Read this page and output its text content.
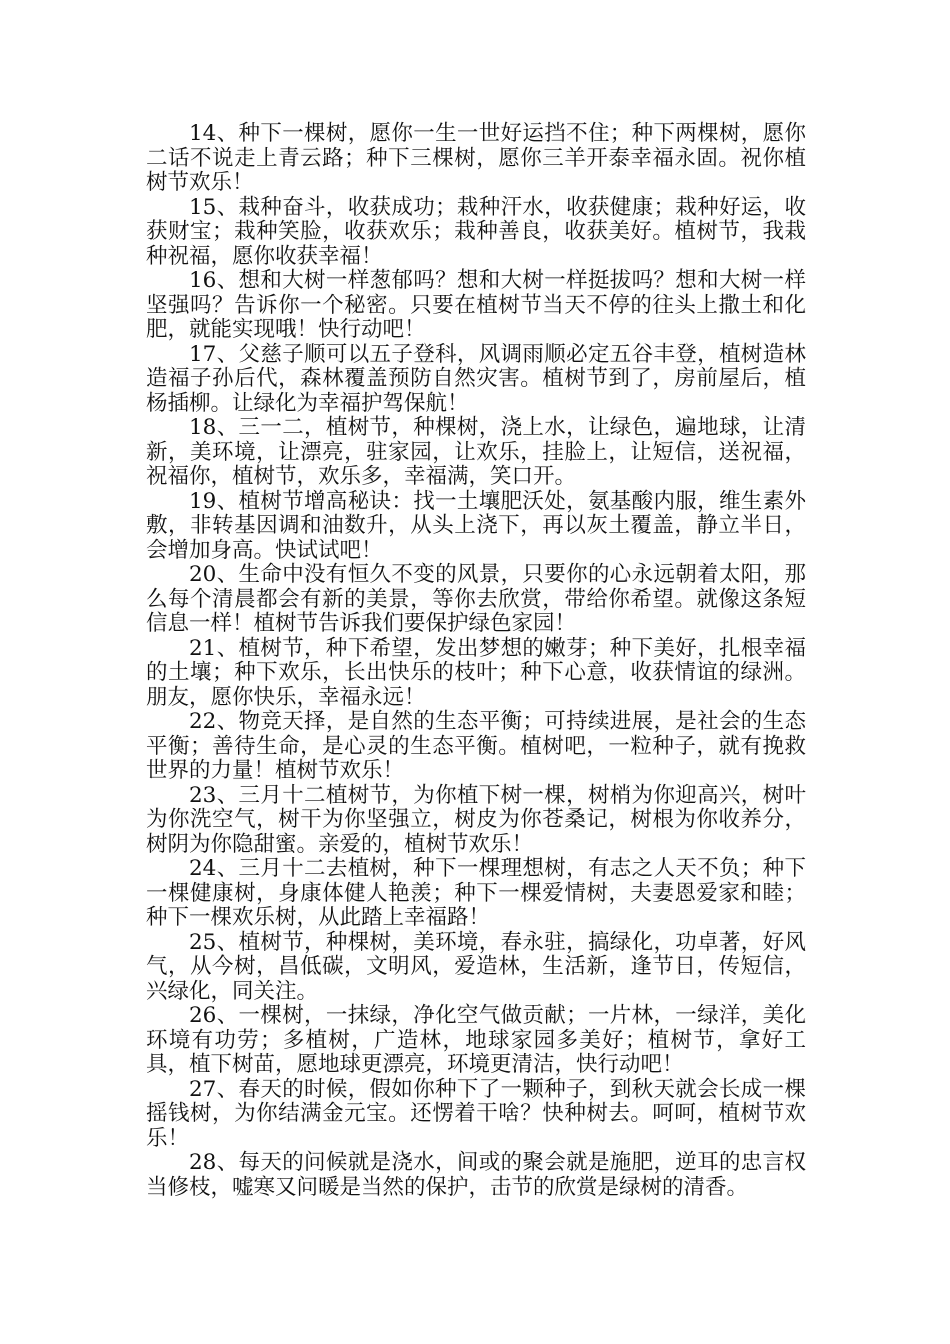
14、种下一棵树，愿你一生一世好运挡不住；种下两棵树，愿你二话不说走上青云路；种下三棵树，愿你三羊开泰幸福永固。祝你植树节欢乐！

15、栽种奋斗，收获成功；栽种汗水，收获健康；栽种好运，收获财宝；栽种笑脸，收获欢乐；栽种善良，收获美好。植树节，我栽种祝福，愿你收获幸福！

16、想和大树一样葱郁吗？想和大树一样挺拔吗？想和大树一样坚强吗？告诉你一个秘密。只要在植树节当天不停的往头上撒土和化肥，就能实现哦！快行动吧！

17、父慈子顺可以五子登科，风调雨顺必定五谷丰登，植树造林造福子孙后代，森林覆盖预防自然灾害。植树节到了，房前屋后，植杨插柳。让绿化为幸福护驾保航！

18、三一二，植树节，种棵树，浇上水，让绿色，遍地球，让清新，美环境，让漂亮，驻家园，让欢乐，挂脸上，让短信，送祝福，祝福你，植树节，欢乐多，幸福满，笑口开。

19、植树节增高秘诀：找一土壤肥沃处，氨基酸内服，维生素外敷，非转基因调和油数升，从头上浇下，再以灰土覆盖，静立半日，会增加身高。快试试吧！

20、生命中没有恒久不变的风景，只要你的心永远朝着太阳，那么每个清晨都会有新的美景，等你去欣赏，带给你希望。就像这条短信息一样！植树节告诉我们要保护绿色家园！

21、植树节，种下希望，发出梦想的嫩芽；种下美好，扎根幸福的土壤；种下欢乐，长出快乐的枝叶；种下心意，收获情谊的绿洲。朋友，愿你快乐，幸福永远！

22、物竞天择，是自然的生态平衡；可持续进展，是社会的生态平衡；善待生命，是心灵的生态平衡。植树吧，一粒种子，就有挽救世界的力量！植树节欢乐！

23、三月十二植树节，为你植下树一棵，树梢为你迎高兴，树叶为你洗空气，树干为你坚强立，树皮为你苍桑记，树根为你收养分，树阴为你隐甜蜜。亲爱的，植树节欢乐！

24、三月十二去植树，种下一棵理想树，有志之人天不负；种下一棵健康树，身康体健人艳羡；种下一棵爱情树，夫妻恩爱家和睦；种下一棵欢乐树，从此踏上幸福路！

25、植树节，种棵树，美环境，春永驻，搞绿化，功卓著，好风气，从今树，昌低碳，文明风，爱造林，生活新，逢节日，传短信，兴绿化，同关注。

26、一棵树，一抹绿，净化空气做贡献；一片林，一绿洋，美化环境有功劳；多植树，广造林，地球家园多美好；植树节，拿好工具，植下树苗，愿地球更漂亮，环境更清洁，快行动吧！

27、春天的时候，假如你种下了一颗种子，到秋天就会长成一棵摇钱树，为你结满金元宝。还愣着干啥？快种树去。呵呵，植树节欢乐！

28、每天的问候就是浇水，间或的聚会就是施肥，逆耳的忠言权当修枝，嘘寒又问暖是当然的保护，击节的欣赏是绿树的清香。
